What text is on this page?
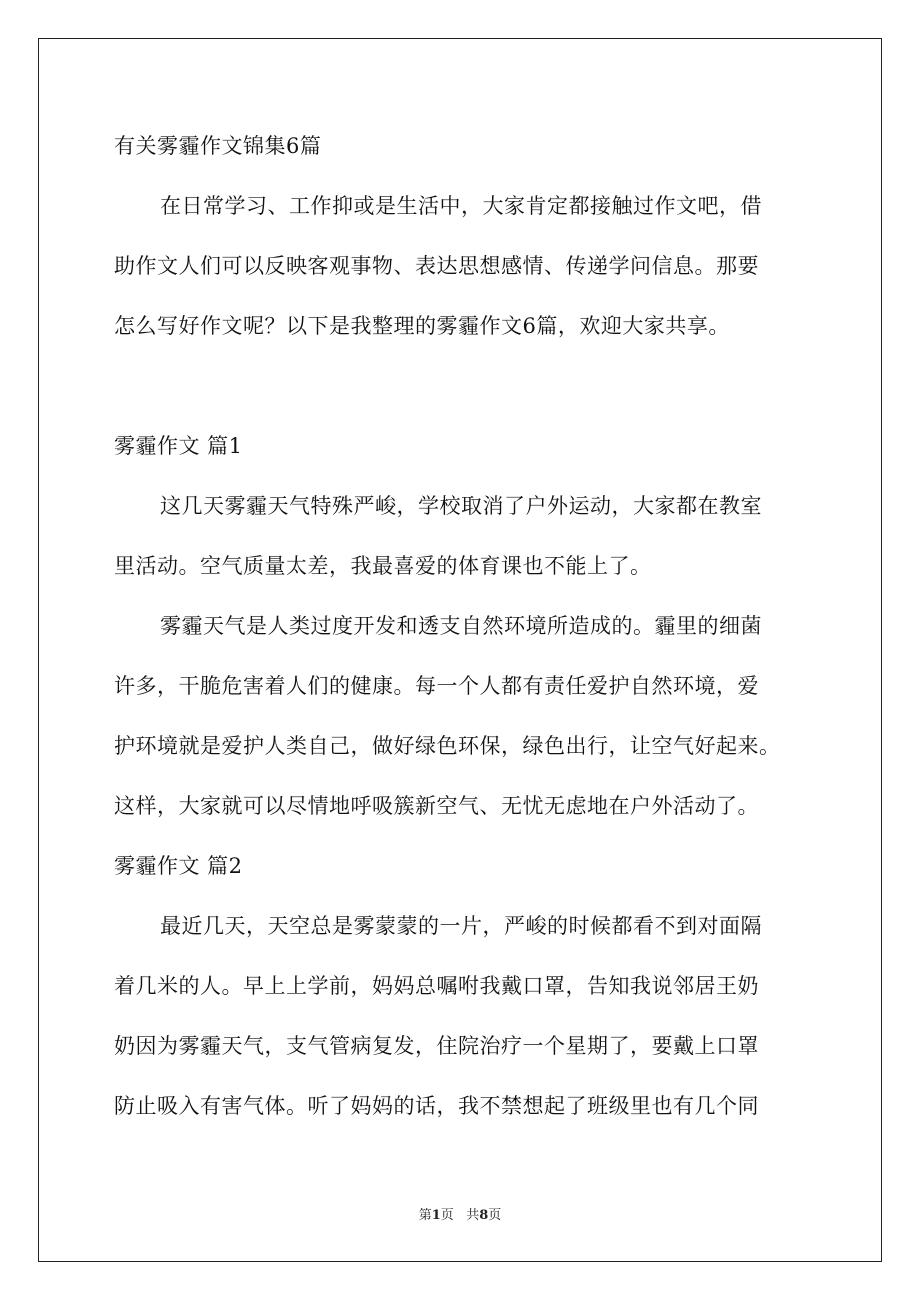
有关雾霾作文锦集6篇
在日常学习、工作抑或是生活中，大家肯定都接触过作文吧，借
助作文人们可以反映客观事物、表达思想感情、传递学问信息。那要
怎么写好作文呢？以下是我整理的雾霾作文6篇，欢迎大家共享。
雾霾作文 篇1
这几天雾霾天气特殊严峻，学校取消了户外运动，大家都在教室
里活动。空气质量太差，我最喜爱的体育课也不能上了。
雾霾天气是人类过度开发和透支自然环境所造成的。霾里的细菌
许多，干脆危害着人们的健康。每一个人都有责任爱护自然环境，爱
护环境就是爱护人类自己，做好绿色环保，绿色出行，让空气好起来。
这样，大家就可以尽情地呼吸簇新空气、无忧无虑地在户外活动了。
雾霾作文 篇2
最近几天，天空总是雾蒙蒙的一片，严峻的时候都看不到对面隔
着几米的人。早上上学前，妈妈总嘱咐我戴口罩，告知我说邻居王奶
奶因为雾霾天气，支气管病复发，住院治疗一个星期了，要戴上口罩
防止吸入有害气体。听了妈妈的话，我不禁想起了班级里也有几个同
第1页 共8页
